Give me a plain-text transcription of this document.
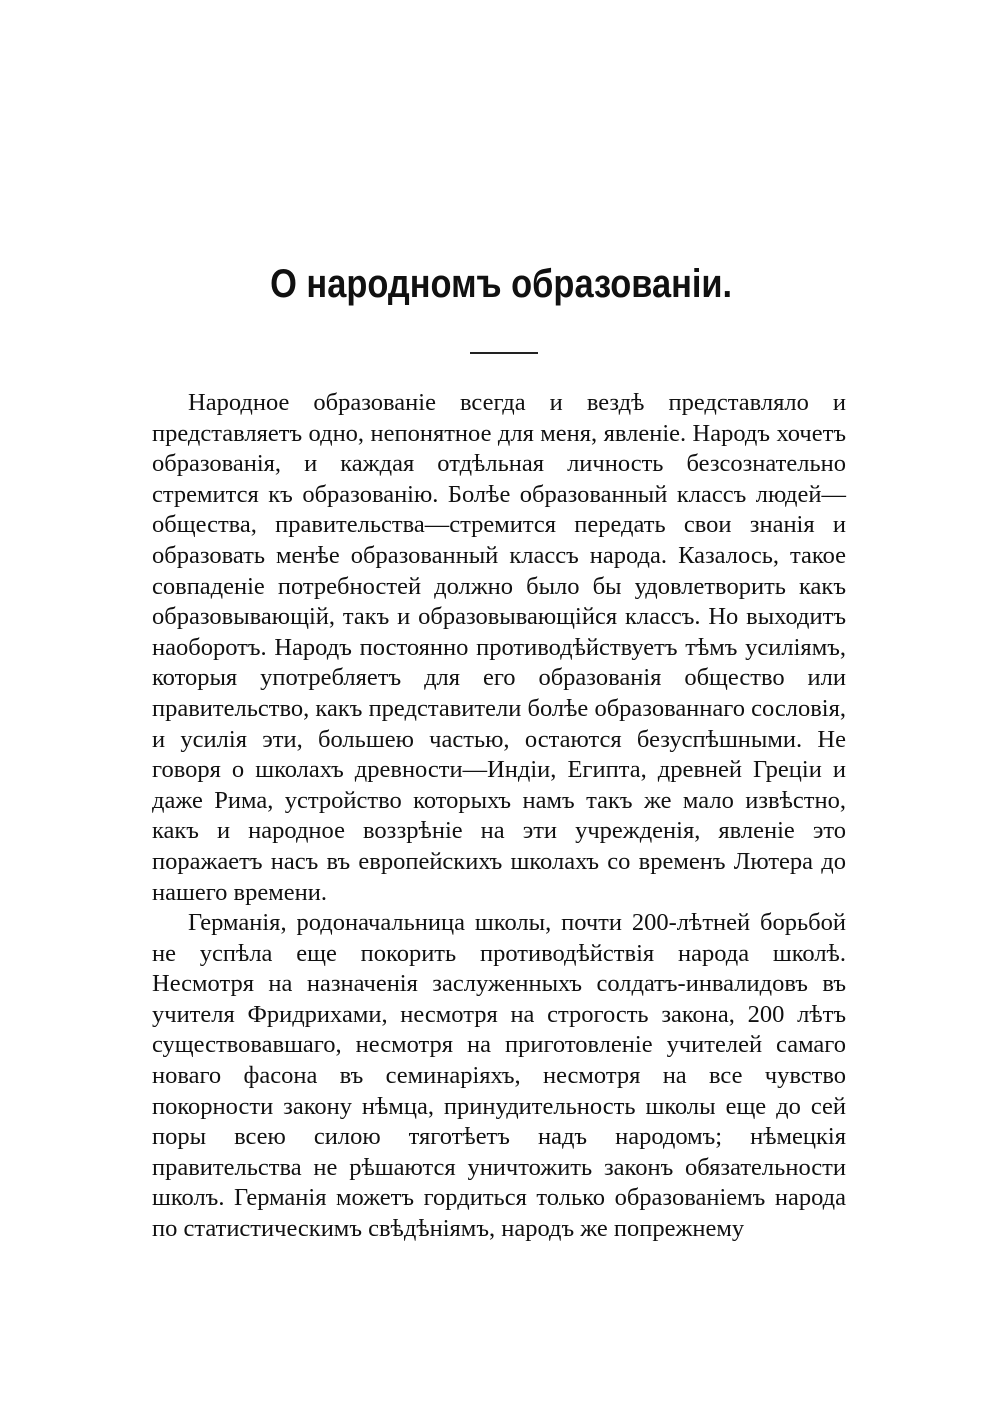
О народномъ образованіи.

Народное образованіе всегда и вездѣ представляло и представляетъ одно, непонятное для меня, явленіе. Народъ хочетъ образованія, и каждая отдѣльная личность безсознательно стремится къ образованію. Болѣе образованный классъ людей—общества, правительства—стремится передать свои знанія и образовать менѣе образованный классъ народа. Казалось, такое совпаденіе потребностей должно было бы удовлетворить какъ образовывающій, такъ и образовывающійся классъ. Но выходитъ наоборотъ. Народъ постоянно противодѣйствуетъ тѣмъ усиліямъ, которыя употребляетъ для его образованія общество или правительство, какъ представители болѣе образованнаго сословія, и усилія эти, большею частью, остаются безуспѣшными. Не говоря о школахъ древности—Индіи, Египта, древней Греціи и даже Рима, устройство которыхъ намъ такъ же мало извѣстно, какъ и народное воззрѣніе на эти учрежденія, явленіе это поражаетъ насъ въ европейскихъ школахъ со временъ Лютера до нашего времени.

Германія, родоначальница школы, почти 200-лѣтней борьбой не успѣла еще покорить противодѣйствія народа школѣ. Несмотря на назначенія заслуженныхъ солдатъ-инвалидовъ въ учителя Фридрихами, несмотря на строгость закона, 200 лѣтъ существовавшаго, несмотря на приготовленіе учителей самаго новаго фасона въ семинаріяхъ, несмотря на все чувство покорности закону нѣмца, принудительность школы еще до сей поры всею силою тяготѣетъ надъ народомъ; нѣмецкія правительства не рѣшаются уничтожить законъ обязательности школъ. Германія можетъ гордиться только образованіемъ народа по статистическимъ свѣдѣніямъ, народъ же попрежнему
